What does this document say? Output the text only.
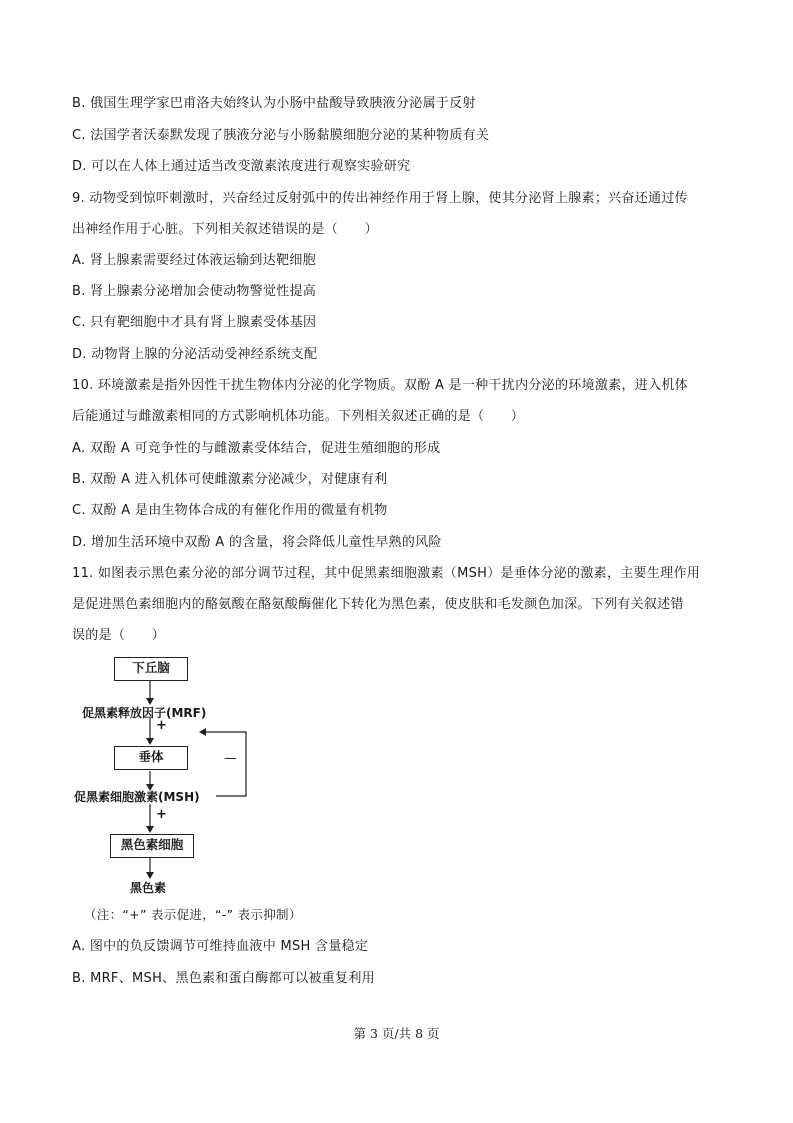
B. 俄国生理学家巴甫洛夫始终认为小肠中盐酸导致胰液分泌属于反射
C. 法国学者沃泰默发现了胰液分泌与小肠黏膜细胞分泌的某种物质有关
D. 可以在人体上通过适当改变激素浓度进行观察实验研究
9. 动物受到惊吓刺激时，兴奋经过反射弧中的传出神经作用于肾上腺，使其分泌肾上腺素；兴奋还通过传
出神经作用于心脏。下列相关叙述错误的是（　　）
A. 肾上腺素需要经过体液运输到达靶细胞
B. 肾上腺素分泌增加会使动物警觉性提高
C. 只有靶细胞中才具有肾上腺素受体基因
D. 动物肾上腺的分泌活动受神经系统支配
10. 环境激素是指外因性干扰生物体内分泌的化学物质。双酚 A 是一种干扰内分泌的环境激素，进入机体
后能通过与雌激素相同的方式影响机体功能。下列相关叙述正确的是（　　）
A. 双酚 A 可竞争性的与雌激素受体结合，促进生殖细胞的形成
B. 双酚 A 进入机体可使雌激素分泌减少，对健康有利
C. 双酚 A 是由生物体合成的有催化作用的微量有机物
D. 增加生活环境中双酚 A 的含量，将会降低儿童性早熟的风险
11. 如图表示黑色素分泌的部分调节过程，其中促黑素细胞激素（MSH）是垂体分泌的激素，主要生理作用
是促进黑色素细胞内的酪氨酸在酪氨酸酶催化下转化为黑色素，使皮肤和毛发颜色加深。下列有关叙述错
误的是（　　）
下丘脑
促黑素释放因子(MRF)
+
垂体	—
促黑素细胞激素(MSH)
+
黑色素细胞
黑色素
（注：“+” 表示促进，“-” 表示抑制）
A. 图中的负反馈调节可维持血液中 MSH 含量稳定
B. MRF、MSH、黑色素和蛋白酶都可以被重复利用
第 3 页/共 8 页
